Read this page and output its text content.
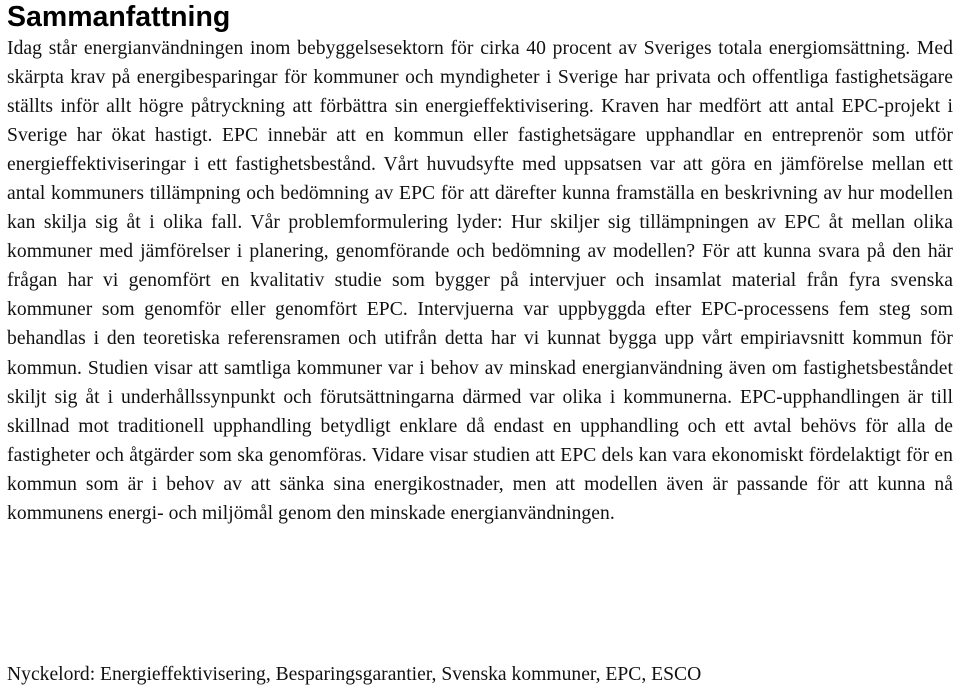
Sammanfattning

Idag står energianvändningen inom bebyggelsesektorn för cirka 40 procent av Sveriges totala energiomsättning. Med skärpta krav på energibesparingar för kommuner och myndigheter i Sverige har privata och offentliga fastighetsägare ställts inför allt högre påtryckning att förbättra sin energieffektivisering. Kraven har medfört att antal EPC-projekt i Sverige har ökat hastigt. EPC innebär att en kommun eller fastighetsägare upphandlar en entreprenör som utför energieffektiviseringar i ett fastighetsbestånd. Vårt huvudsyfte med uppsatsen var att göra en jämförelse mellan ett antal kommuners tillämpning och bedömning av EPC för att därefter kunna framställa en beskrivning av hur modellen kan skilja sig åt i olika fall. Vår problemformulering lyder: Hur skiljer sig tillämpningen av EPC åt mellan olika kommuner med jämförelser i planering, genomförande och bedömning av modellen? För att kunna svara på den här frågan har vi genomfört en kvalitativ studie som bygger på intervjuer och insamlat material från fyra svenska kommuner som genomför eller genomfört EPC. Intervjuerna var uppbyggda efter EPC-processens fem steg som behandlas i den teoretiska referensramen och utifrån detta har vi kunnat bygga upp vårt empiriavsnitt kommun för kommun. Studien visar att samtliga kommuner var i behov av minskad energianvändning även om fastighetsbeståndet skiljt sig åt i underhållssynpunkt och förutsättningarna därmed var olika i kommunerna. EPC-upphandlingen är till skillnad mot traditionell upphandling betydligt enklare då endast en upphandling och ett avtal behövs för alla de fastigheter och åtgärder som ska genomföras. Vidare visar studien att EPC dels kan vara ekonomiskt fördelaktigt för en kommun som är i behov av att sänka sina energikostnader, men att modellen även är passande för att kunna nå kommunens energi- och miljömål genom den minskade energianvändningen.

Nyckelord: Energieffektivisering, Besparingsgarantier, Svenska kommuner, EPC, ESCO
